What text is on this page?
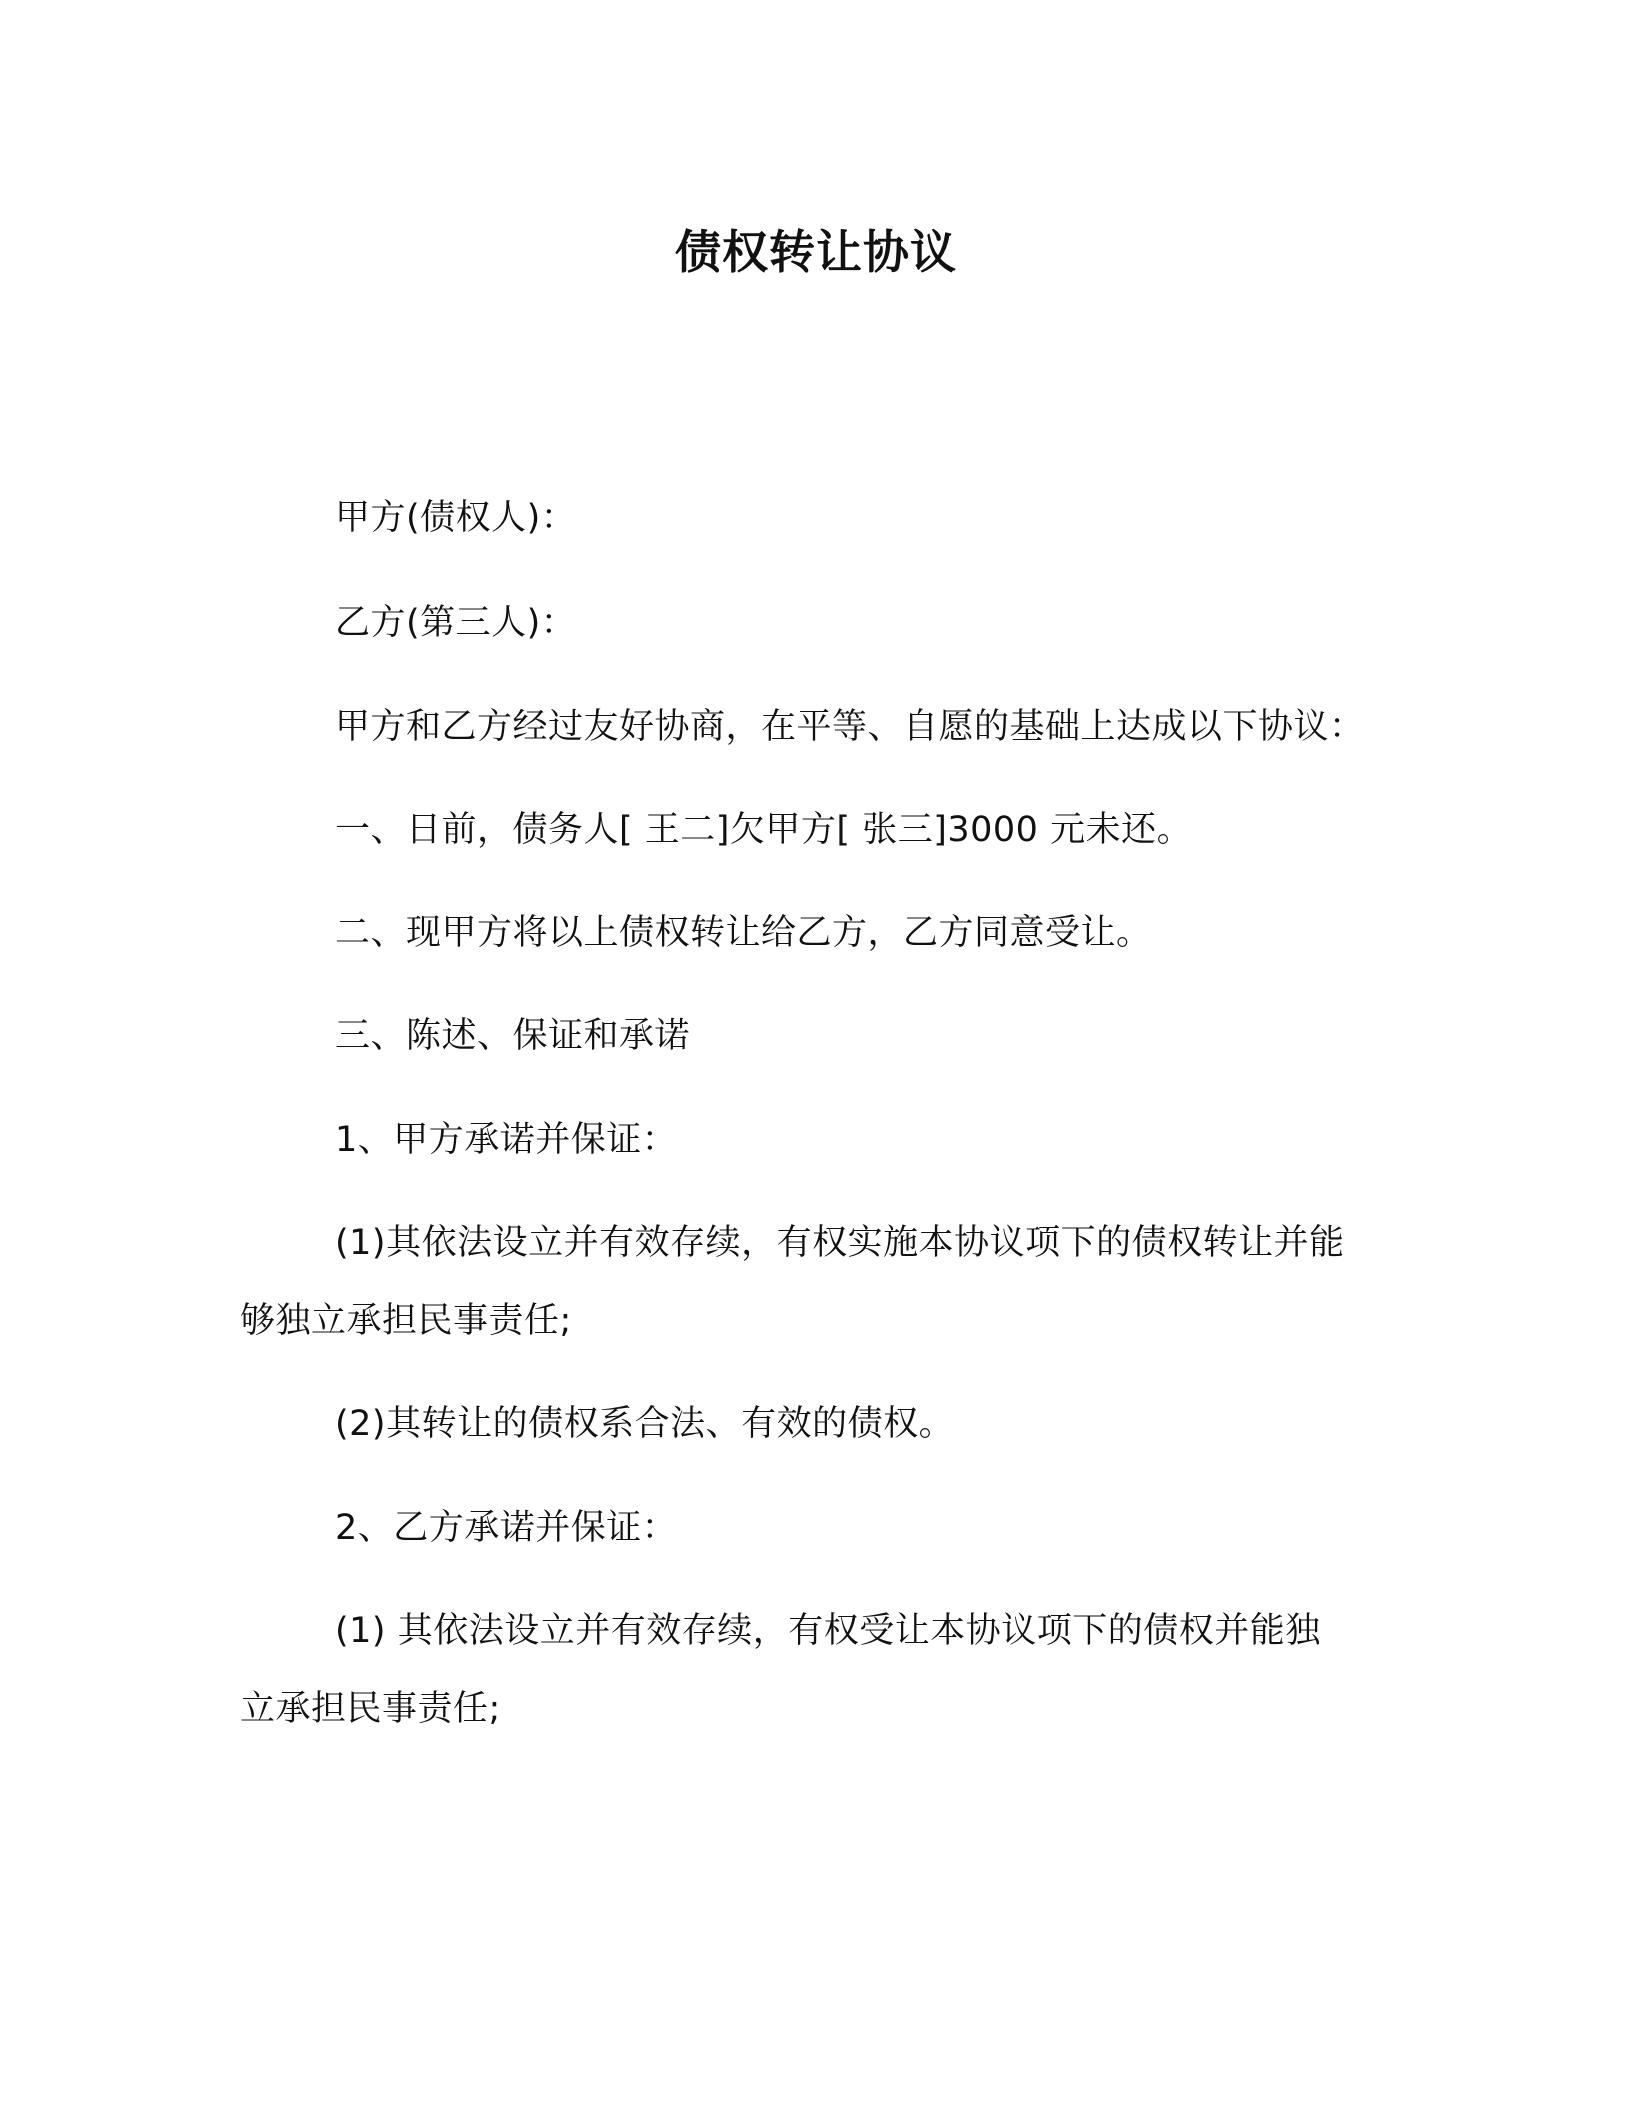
债权转让协议
甲方(债权人)：
乙方(第三人)：
甲方和乙方经过友好协商，在平等、自愿的基础上达成以下协议：
一、日前，债务人[ 王二]欠甲方[ 张三]3000 元未还。
二、现甲方将以上债权转让给乙方，乙方同意受让。
三、陈述、保证和承诺
1、甲方承诺并保证：
(1)其依法设立并有效存续，有权实施本协议项下的债权转让并能
够独立承担民事责任;
(2)其转让的债权系合法、有效的债权。
2、乙方承诺并保证：
(1) 其依法设立并有效存续，有权受让本协议项下的债权并能独
立承担民事责任;
